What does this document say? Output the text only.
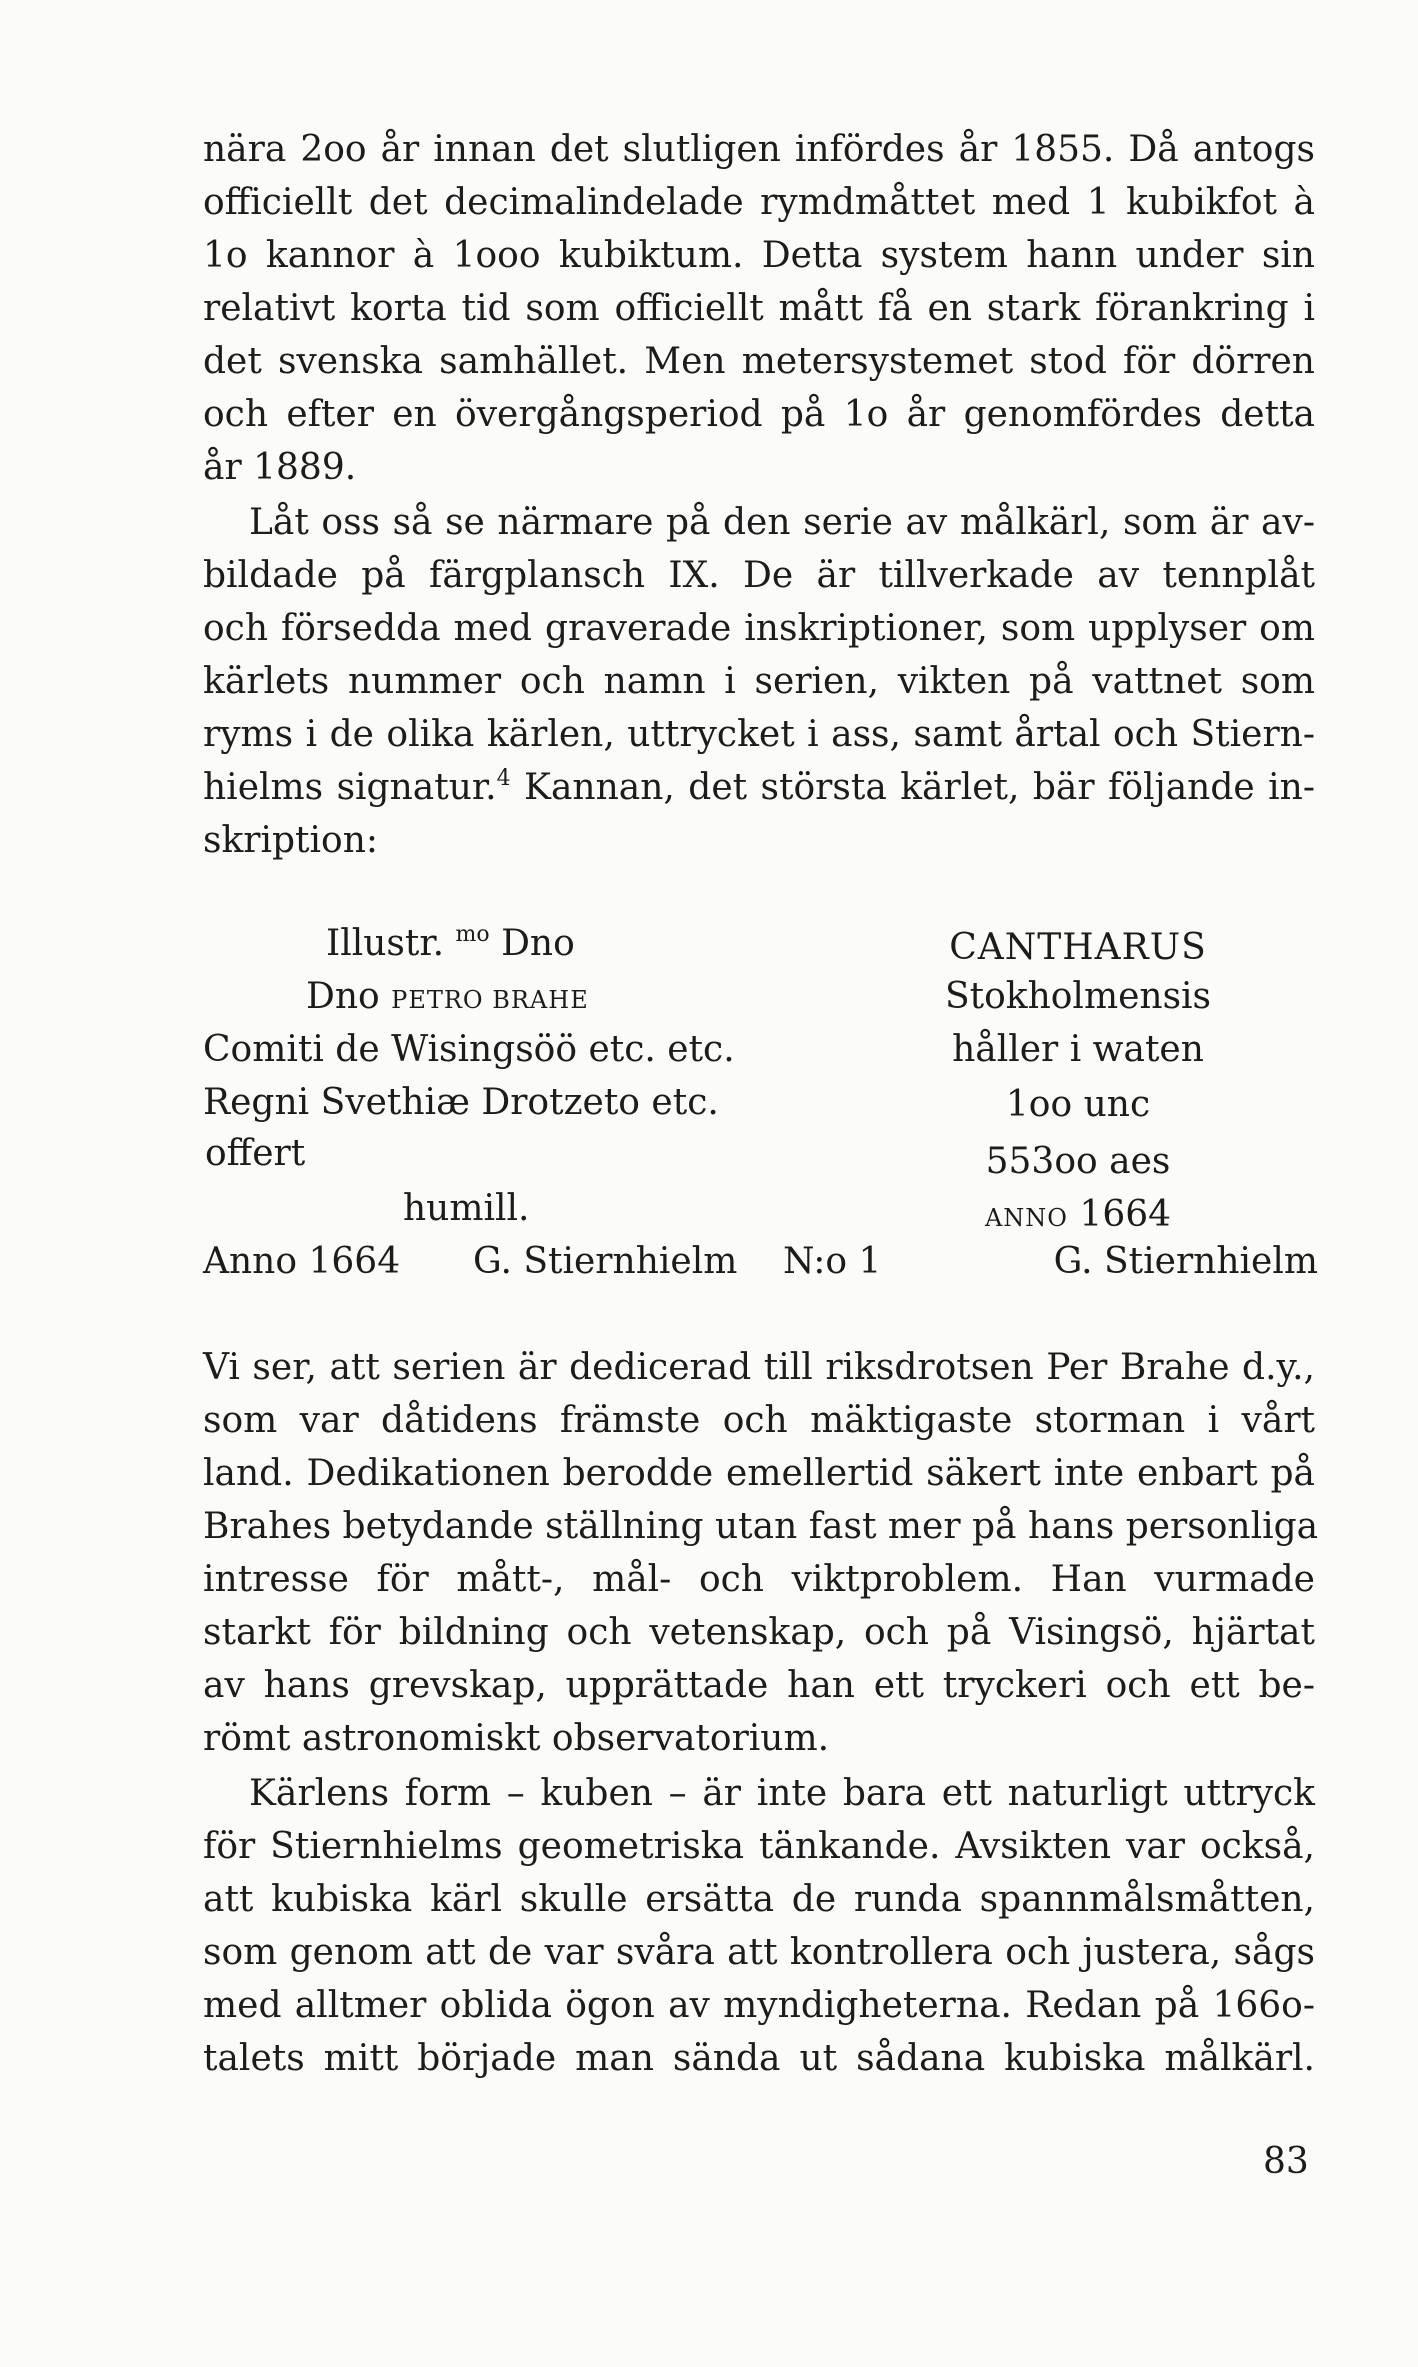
nära 2oo år innan det slutligen infördes år 1855. Då antogs
officiellt det decimalindelade rymdmåttet med 1 kubikfot à
1o kannor à 1ooo kubiktum. Detta system hann under sin
relativt korta tid som officiellt mått få en stark förankring i
det svenska samhället. Men metersystemet stod för dörren
och efter en övergångsperiod på 1o år genomfördes detta
år 1889.
Låt oss så se närmare på den serie av målkärl, som är av-
bildade på färgplansch IX. De är tillverkade av tennplåt
och försedda med graverade inskriptioner, som upplyser om
kärlets nummer och namn i serien, vikten på vattnet som
ryms i de olika kärlen, uttrycket i ass, samt årtal och Stiern-
hielms signatur.$^4$ Kannan, det största kärlet, bär följande in-
skription:
Illustr. $^{mo}$ Dno
Dno PETRO BRAHE
Comiti de Wisingsöö etc. etc.
Regni Svethiæ Drotzeto etc.
offert
humill.
Anno 1664 G. Stiernhielm N:o 1
CANTHARUS
Stokholmensis
håller i waten
1oo unc
553oo aes
ANNO 1664
G. Stiernhielm
Vi ser, att serien är dedicerad till riksdrotsen Per Brahe d.y.,
som var dåtidens främste och mäktigaste storman i vårt
land. Dedikationen berodde emellertid säkert inte enbart på
Brahes betydande ställning utan fast mer på hans personliga
intresse för mått-, mål- och viktproblem. Han vurmade
starkt för bildning och vetenskap, och på Visingsö, hjärtat
av hans grevskap, upprättade han ett tryckeri och ett be-
römt astronomiskt observatorium.
Kärlens form – kuben – är inte bara ett naturligt uttryck
för Stiernhielms geometriska tänkande. Avsikten var också,
att kubiska kärl skulle ersätta de runda spannmålsmåtten,
som genom att de var svåra att kontrollera och justera, sågs
med alltmer oblida ögon av myndigheterna. Redan på 166o-
talets mitt började man sända ut sådana kubiska målkärl.
83
